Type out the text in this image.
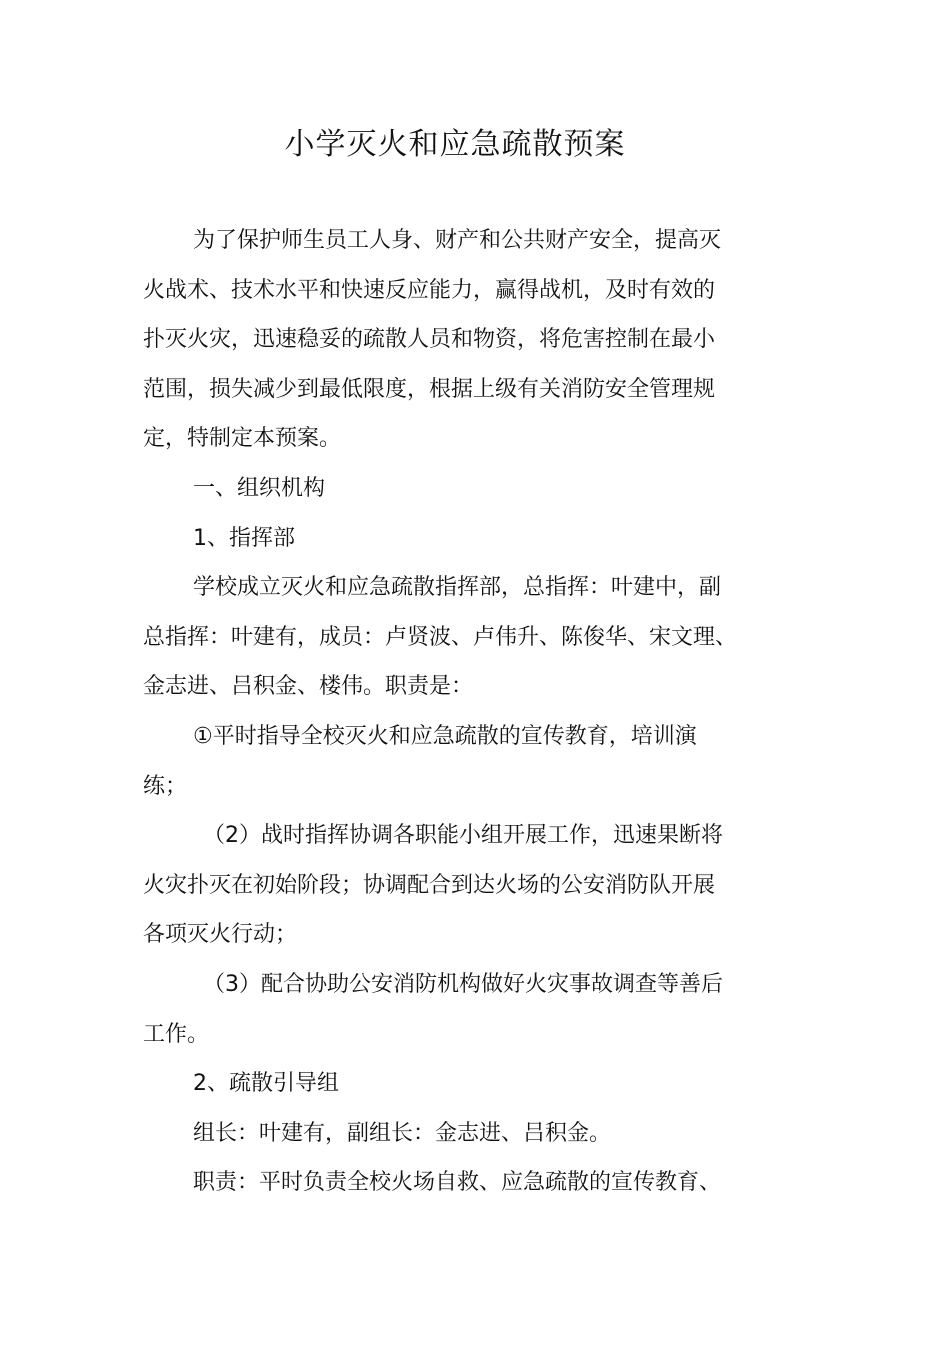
小学灭火和应急疏散预案

为了保护师生员工人身、财产和公共财产安全，提高灭
火战术、技术水平和快速反应能力，赢得战机，及时有效的
扑灭火灾，迅速稳妥的疏散人员和物资，将危害控制在最小
范围，损失减少到最低限度，根据上级有关消防安全管理规
定，特制定本预案。

一、组织机构

1、指挥部

学校成立灭火和应急疏散指挥部，总指挥：叶建中，副
总指挥：叶建有，成员：卢贤波、卢伟升、陈俊华、宋文理、
金志进、吕积金、楼伟。职责是：

①平时指导全校灭火和应急疏散的宣传教育，培训演
练；

（2）战时指挥协调各职能小组开展工作，迅速果断将
火灾扑灭在初始阶段；协调配合到达火场的公安消防队开展
各项灭火行动；

（3）配合协助公安消防机构做好火灾事故调查等善后
工作。

2、疏散引导组

组长：叶建有，副组长：金志进、吕积金。

职责：平时负责全校火场自救、应急疏散的宣传教育、
